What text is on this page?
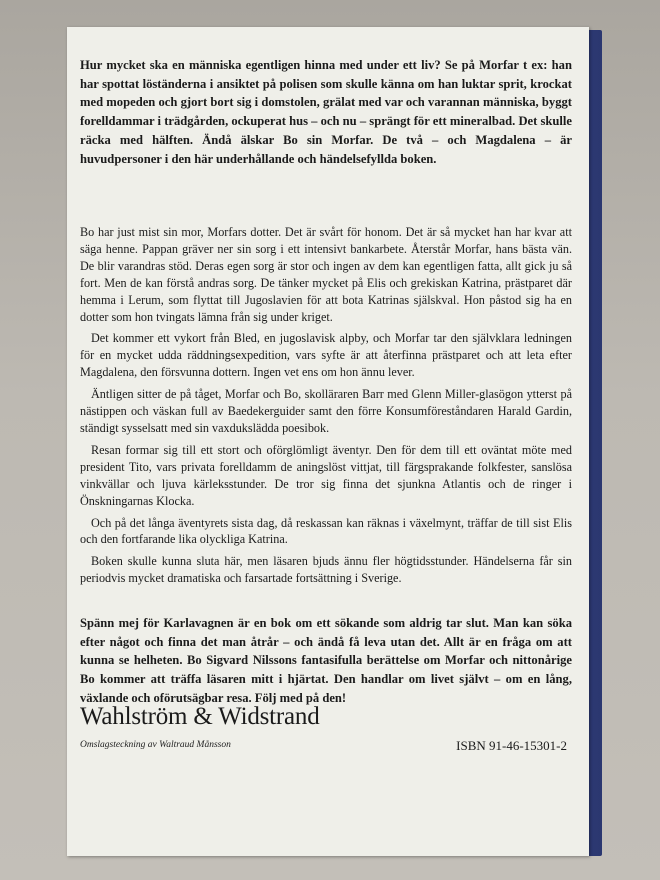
Hur mycket ska en människa egentligen hinna med under ett liv? Se på Morfar t ex: han har spottat löständerna i ansiktet på polisen som skulle känna om han luktar sprit, krockat med mopeden och gjort bort sig i domstolen, grälat med var och varannan människa, byggt forelldammar i trädgården, ockuperat hus – och nu – sprängt för ett mineralbad. Det skulle räcka med hälften. Ändå älskar Bo sin Morfar. De två – och Magdalena – är huvudpersoner i den här underhållande och händelsefyllda boken.

Bo har just mist sin mor, Morfars dotter. Det är svårt för honom. Det är så mycket han har kvar att säga henne. Pappan gräver ner sin sorg i ett intensivt bankarbete. Återstår Morfar, hans bästa vän. De blir varandras stöd. Deras egen sorg är stor och ingen av dem kan egentligen fatta, allt gick ju så fort. Men de kan förstå andras sorg. De tänker mycket på Elis och grekiskan Katrina, prästparet där hemma i Lerum, som flyttat till Jugoslavien för att bota Katrinas själskval. Hon påstod sig ha en dotter som hon tvingats lämna från sig under kriget.

Det kommer ett vykort från Bled, en jugoslavisk alpby, och Morfar tar den självklara ledningen för en mycket udda räddningsexpedition, vars syfte är att återfinna prästparet och att leta efter Magdalena, den försvunna dottern. Ingen vet ens om hon ännu lever.

Äntligen sitter de på tåget, Morfar och Bo, skolläraren Barr med Glenn Miller-glasögon ytterst på nästippen och väskan full av Baedekerguider samt den förre Konsumföreståndaren Harald Gardin, ständigt sysselsatt med sin vaxdukslädda poesibok.

Resan formar sig till ett stort och oförglömligt äventyr. Den för dem till ett oväntat möte med president Tito, vars privata forelldamm de aningslöst vittjat, till färgsprakande folkfester, sanslösa vinkvällar och ljuva kärleksstunder. De tror sig finna det sjunkna Atlantis och de ringer i Önskningarnas Klocka.

Och på det långa äventyrets sista dag, då reskassan kan räknas i växelmynt, träffar de till sist Elis och den fortfarande lika olyckliga Katrina.

Boken skulle kunna sluta här, men läsaren bjuds ännu fler högtidsstunder. Händelserna får sin periodvis mycket dramatiska och farsartade fortsättning i Sverige.

Spänn mej för Karlavagnen är en bok om ett sökande som aldrig tar slut. Man kan söka efter något och finna det man åtrår – och ändå få leva utan det. Allt är en fråga om att kunna se helheten. Bo Sigvard Nilssons fantasifulla berättelse om Morfar och nittonårige Bo kommer att träffa läsaren mitt i hjärtat. Den handlar om livet självt – om en lång, växlande och oförutsägbar resa. Följ med på den!

Wahlström & Widstrand
Omslagsteckning av Waltraud Månsson	ISBN 91-46-15301-2
